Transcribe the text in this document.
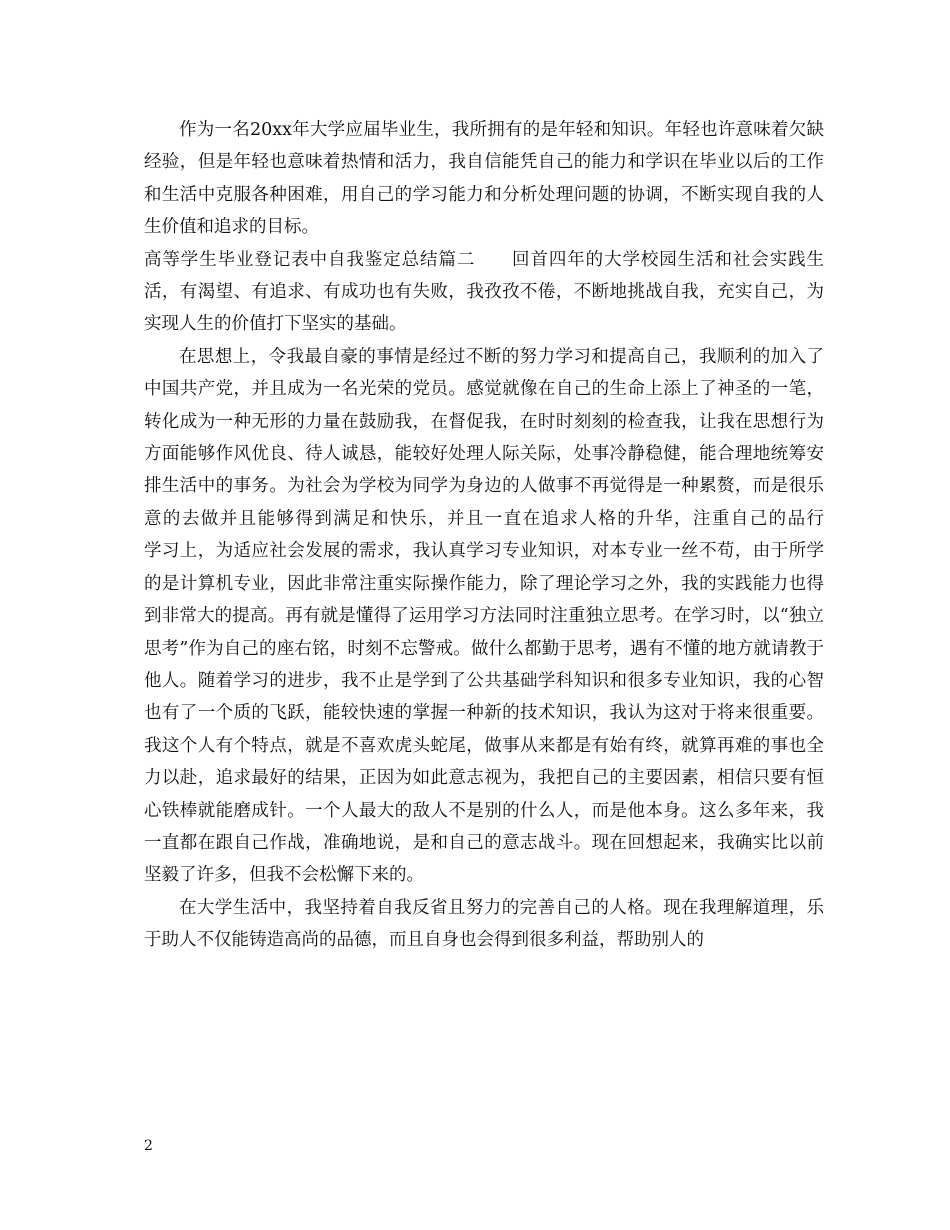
作为一名20xx年大学应届毕业生，我所拥有的是年轻和知识。年轻也许意味着欠缺经验，但是年轻也意味着热情和活力，我自信能凭自己的能力和学识在毕业以后的工作和生活中克服各种困难，用自己的学习能力和分析处理问题的协调，不断实现自我的人生价值和追求的目标。

高等学生毕业登记表中自我鉴定总结篇二　　回首四年的大学校园生活和社会实践生活，有渴望、有追求、有成功也有失败，我孜孜不倦，不断地挑战自我，充实自己，为实现人生的价值打下坚实的基础。

在思想上，令我最自豪的事情是经过不断的努力学习和提高自己，我顺利的加入了中国共产党，并且成为一名光荣的党员。感觉就像在自己的生命上添上了神圣的一笔，转化成为一种无形的力量在鼓励我，在督促我，在时时刻刻的检查我，让我在思想行为方面能够作风优良、待人诚恳，能较好处理人际关际，处事冷静稳健，能合理地统筹安排生活中的事务。为社会为学校为同学为身边的人做事不再觉得是一种累赘，而是很乐意的去做并且能够得到满足和快乐，并且一直在追求人格的升华，注重自己的品行　　学习上，为适应社会发展的需求，我认真学习专业知识，对本专业一丝不苟，由于所学的是计算机专业，因此非常注重实际操作能力，除了理论学习之外，我的实践能力也得到非常大的提高。再有就是懂得了运用学习方法同时注重独立思考。在学习时，以“独立思考”作为自己的座右铭，时刻不忘警戒。做什么都勤于思考，遇有不懂的地方就请教于他人。随着学习的进步，我不止是学到了公共基础学科知识和很多专业知识，我的心智也有了一个质的飞跃，能较快速的掌握一种新的技术知识，我认为这对于将来很重要。我这个人有个特点，就是不喜欢虎头蛇尾，做事从来都是有始有终，就算再难的事也全力以赴，追求最好的结果，正因为如此意志视为，我把自己的主要因素，相信只要有恒心铁棒就能磨成针。一个人最大的敌人不是别的什么人，而是他本身。这么多年来，我一直都在跟自己作战，准确地说，是和自己的意志战斗。现在回想起来，我确实比以前坚毅了许多，但我不会松懈下来的。

在大学生活中，我坚持着自我反省且努力的完善自己的人格。现在我理解道理，乐于助人不仅能铸造高尚的品德，而且自身也会得到很多利益，帮助别人的

2
